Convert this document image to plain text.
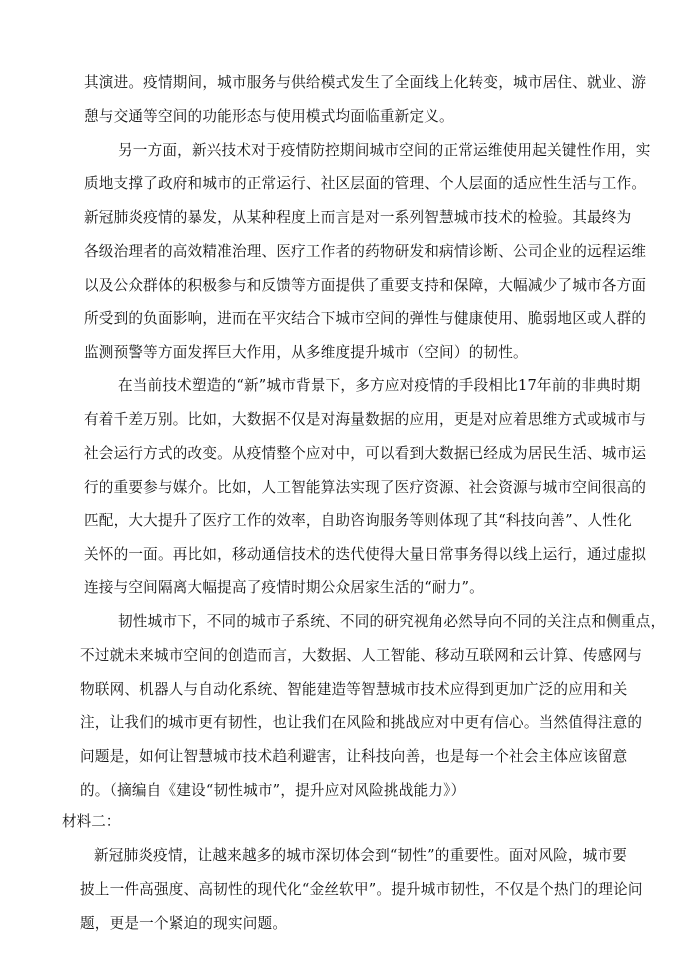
其演进。疫情期间，城市服务与供给模式发生了全面线上化转变，城市居住、就业、游
憩与交通等空间的功能形态与使用模式均面临重新定义。
另一方面，新兴技术对于疫情防控期间城市空间的正常运维使用起关键性作用，实
质地支撑了政府和城市的正常运行、社区层面的管理、个人层面的适应性生活与工作。
新冠肺炎疫情的暴发，从某种程度上而言是对一系列智慧城市技术的检验。其最终为
各级治理者的高效精准治理、医疗工作者的药物研发和病情诊断、公司企业的远程运维
以及公众群体的积极参与和反馈等方面提供了重要支持和保障，大幅减少了城市各方面
所受到的负面影响，进而在平灾结合下城市空间的弹性与健康使用、脆弱地区或人群的
监测预警等方面发挥巨大作用，从多维度提升城市（空间）的韧性。
在当前技术塑造的“新”城市背景下，多方应对疫情的手段相比17年前的非典时期
有着千差万别。比如，大数据不仅是对海量数据的应用，更是对应着思维方式或城市与
社会运行方式的改变。从疫情整个应对中，可以看到大数据已经成为居民生活、城市运
行的重要参与媒介。比如，人工智能算法实现了医疗资源、社会资源与城市空间很高的
匹配，大大提升了医疗工作的效率，自助咨询服务等则体现了其“科技向善”、人性化
关怀的一面。再比如，移动通信技术的迭代使得大量日常事务得以线上运行，通过虚拟
连接与空间隔离大幅提高了疫情时期公众居家生活的“耐力”。
韧性城市下，不同的城市子系统、不同的研究视角必然导向不同的关注点和侧重点，
不过就未来城市空间的创造而言，大数据、人工智能、移动互联网和云计算、传感网与
物联网、机器人与自动化系统、智能建造等智慧城市技术应得到更加广泛的应用和关
注，让我们的城市更有韧性，也让我们在风险和挑战应对中更有信心。当然值得注意的
问题是，如何让智慧城市技术趋利避害，让科技向善，也是每一个社会主体应该留意
的。（摘编自《建设“韧性城市”，提升应对风险挑战能力》）
材料二：
新冠肺炎疫情，让越来越多的城市深切体会到“韧性”的重要性。面对风险，城市要
披上一件高强度、高韧性的现代化“金丝软甲”。提升城市韧性，不仅是个热门的理论问
题，更是一个紧迫的现实问题。
